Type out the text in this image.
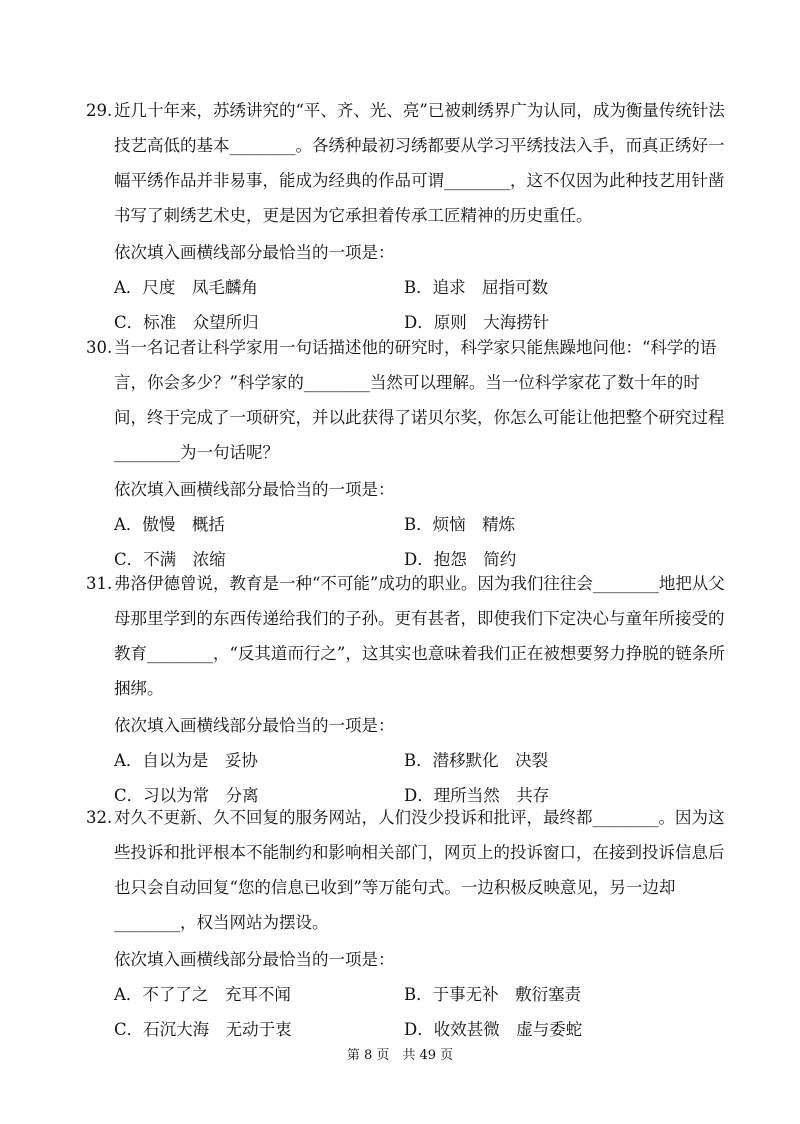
29. 近几十年来，苏绣讲究的“平、齐、光、亮”已被刺绣界广为认同，成为衡量传统针法技艺高低的基本________。各绣种最初习绣都要从学习平绣技法入手，而真正绣好一幅平绣作品并非易事，能成为经典的作品可谓________，这不仅因为此种技艺用针凿书写了刺绣艺术史，更是因为它承担着传承工匠精神的历史重任。
依次填入画横线部分最恰当的一项是：
A．尺度　凤毛麟角	B．追求　屈指可数
C．标准　众望所归	D．原则　大海捞针
30. 当一名记者让科学家用一句话描述他的研究时，科学家只能焦躁地问他：“科学的语言，你会多少？”科学家的________当然可以理解。当一位科学家花了数十年的时间，终于完成了一项研究，并以此获得了诺贝尔奖，你怎么可能让他把整个研究过程________为一句话呢？
依次填入画横线部分最恰当的一项是：
A．傲慢　概括	B．烦恼　精炼
C．不满　浓缩	D．抱怨　简约
31. 弗洛伊德曾说，教育是一种“不可能”成功的职业。因为我们往往会________地把从父母那里学到的东西传递给我们的子孙。更有甚者，即使我们下定决心与童年所接受的教育________，“反其道而行之”，这其实也意味着我们正在被想要努力挣脱的链条所捆绑。
依次填入画横线部分最恰当的一项是：
A．自以为是　妥协	B．潜移默化　决裂
C．习以为常　分离	D．理所当然　共存
32. 对久不更新、久不回复的服务网站，人们没少投诉和批评，最终都________。因为这些投诉和批评根本不能制约和影响相关部门，网页上的投诉窗口，在接到投诉信息后也只会自动回复“您的信息已收到”等万能句式。一边积极反映意见，另一边却________，权当网站为摆设。
依次填入画横线部分最恰当的一项是：
A．不了了之　充耳不闻	B．于事无补　敷衍塞责
C．石沉大海　无动于衷	D．收效甚微　虚与委蛇
第 8 页　共 49 页
